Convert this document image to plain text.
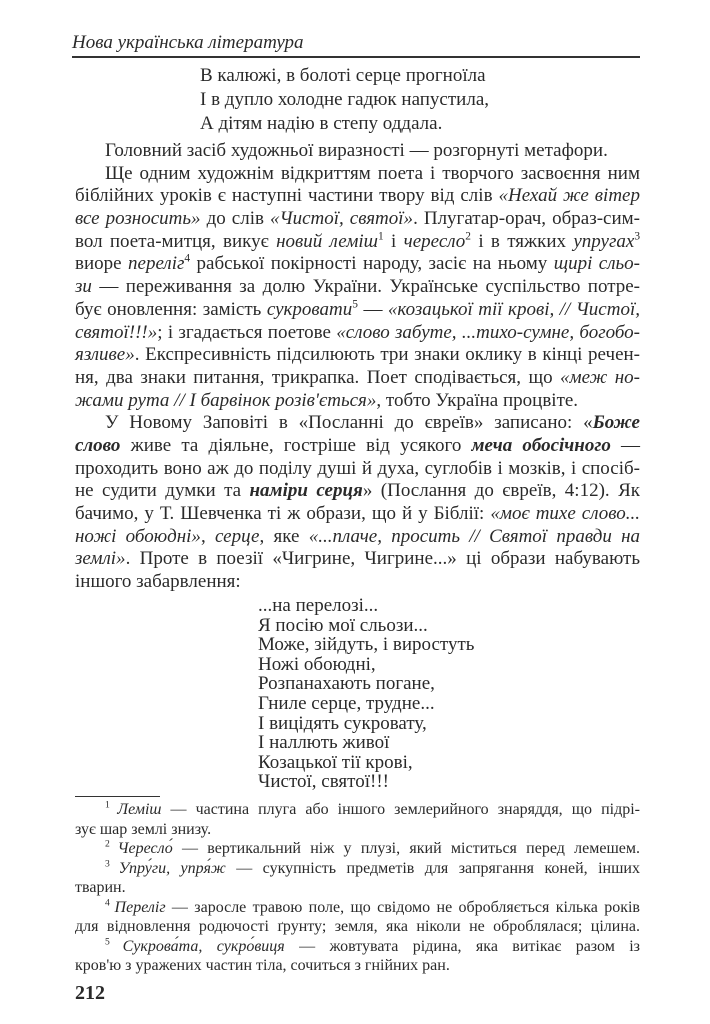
Нова українська література
В калюжі, в болоті серце прогноїла
І в дупло холодне гадюк напустила,
А дітям надію в степу оддала.
Головний засіб художньої виразності — розгорнуті метафори.
Ще одним художнім відкриттям поета і творчого засвоєння ним
біблійних уроків є наступні частини твору від слів «Нехай же вітер
все розносить» до слів «Чистої, святої». Плугатар-орач, образ-сим-
вол поета-митця, викує новий леміш$^1$ і чересло$^2$ і в тяжких упругах$^3$
виоре переліг$^4$ рабської покірності народу, засіє на ньому щирі сльо-
зи — переживання за долю України. Українське суспільство потре-
бує оновлення: замість сукровати$^5$ — «козацької тії крові, // Чистої,
святої!!!»; і згадається поетове «слово забуте, ...тихо-сумне, богобо-
язливе». Експресивність підсилюють три знаки оклику в кінці речен-
ня, два знаки питання, трикрапка. Поет сподівається, що «меж но-
жами рута // І барвінок розів'ється», тобто Україна процвіте.
У Новому Заповіті в «Посланні до євреїв» записано: «Боже
слово живе та діяльне, гостріше від усякого меча обосічного —
проходить воно аж до поділу душі й духа, суглобів і мозків, і спосіб-
не судити думки та наміри серця» (Послання до євреїв, 4:12). Як
бачимо, у Т. Шевченка ті ж образи, що й у Біблії: «моє тихе слово...
ножі обоюдні», серце, яке «...плаче, просить // Святої правди на
землі». Проте в поезії «Чигрине, Чигрине...» ці образи набувають
іншого забарвлення:
...на перелозі...
Я посію мої сльози...
Може, зійдуть, і виростуть
Ножі обоюдні,
Розпанахають погане,
Гниле серце, трудне...
І вицідять сукровату,
І наллють живої
Козацької тії крові,
Чистої, святої!!!
$^1$ Леміш — частина плуга або іншого землерийного знаряддя, що підрі-
зує шар землі знизу.
$^2$ Чересло́ — вертикальний ніж у плузі, який міститься перед лемешем.
$^3$ Упру́ги, упря́ж — сукупність предметів для запрягання коней, інших
тварин.
$^4$ Переліг — заросле травою поле, що свідомо не обробляється кілька років
для відновлення родючості ґрунту; земля, яка ніколи не оброблялася; цілина.
$^5$ Сукрова́та, сукро́виця — жовтувата рідина, яка витікає разом із
кров'ю з уражених частин тіла, сочиться з гнійних ран.
212
